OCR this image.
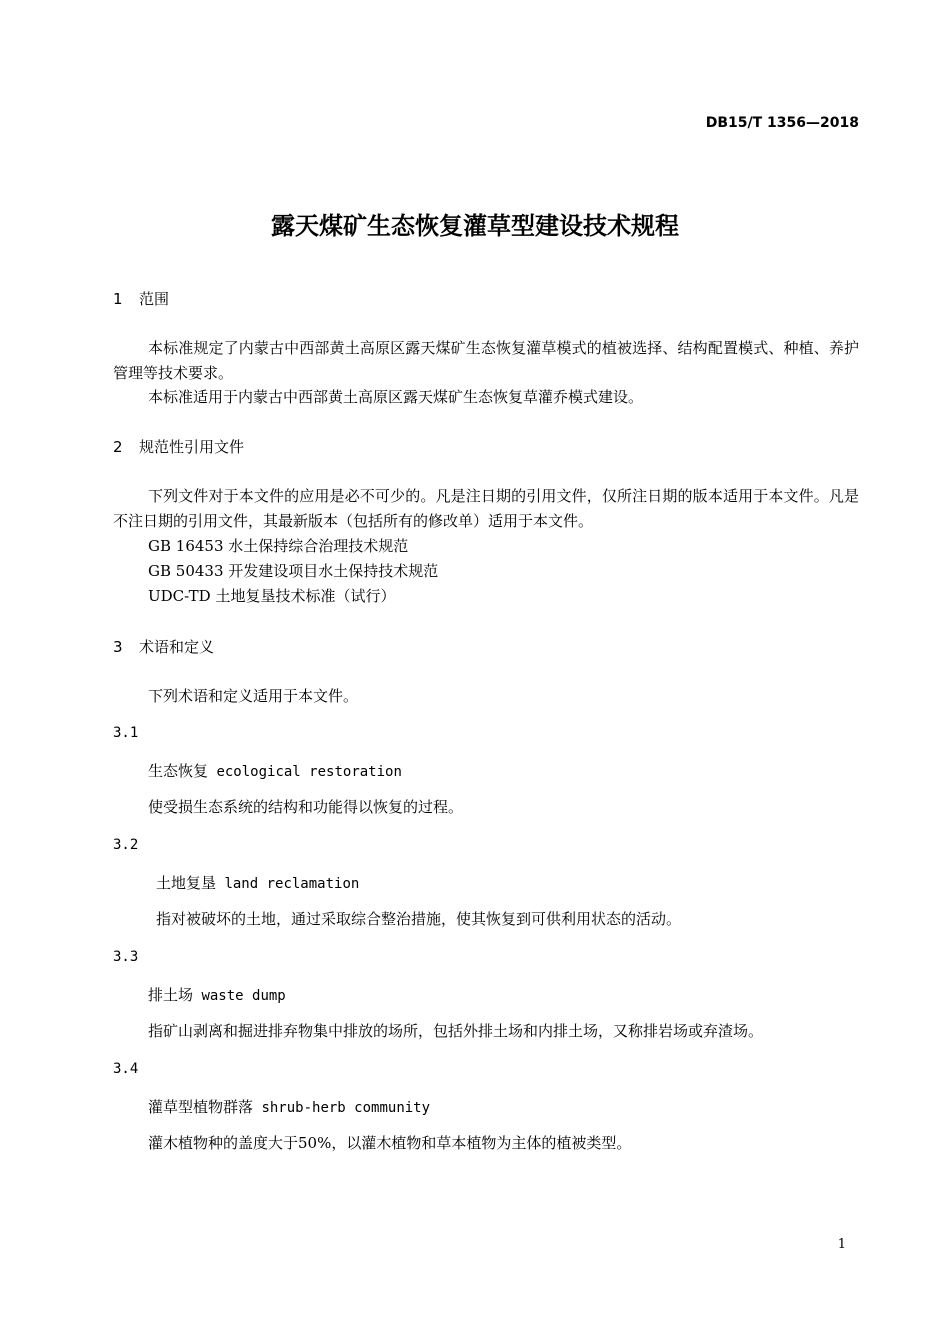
DB15/T 1356—2018
露天煤矿生态恢复灌草型建设技术规程
1 范围
本标准规定了内蒙古中西部黄土高原区露天煤矿生态恢复灌草模式的植被选择、结构配置模式、种植、养护管理等技术要求。
本标准适用于内蒙古中西部黄土高原区露天煤矿生态恢复草灌乔模式建设。
2 规范性引用文件
下列文件对于本文件的应用是必不可少的。凡是注日期的引用文件，仅所注日期的版本适用于本文件。凡是不注日期的引用文件，其最新版本（包括所有的修改单）适用于本文件。
GB 16453 水土保持综合治理技术规范
GB 50433 开发建设项目水土保持技术规范
UDC-TD 土地复垦技术标准（试行）
3 术语和定义
下列术语和定义适用于本文件。
3.1
生态恢复 ecological restoration
使受损生态系统的结构和功能得以恢复的过程。
3.2
土地复垦 land reclamation
指对被破坏的土地，通过采取综合整治措施，使其恢复到可供利用状态的活动。
3.3
排土场 waste dump
指矿山剥离和掘进排弃物集中排放的场所，包括外排土场和内排土场，又称排岩场或弃渣场。
3.4
灌草型植物群落 shrub-herb community
灌木植物种的盖度大于50%，以灌木植物和草本植物为主体的植被类型。
1
